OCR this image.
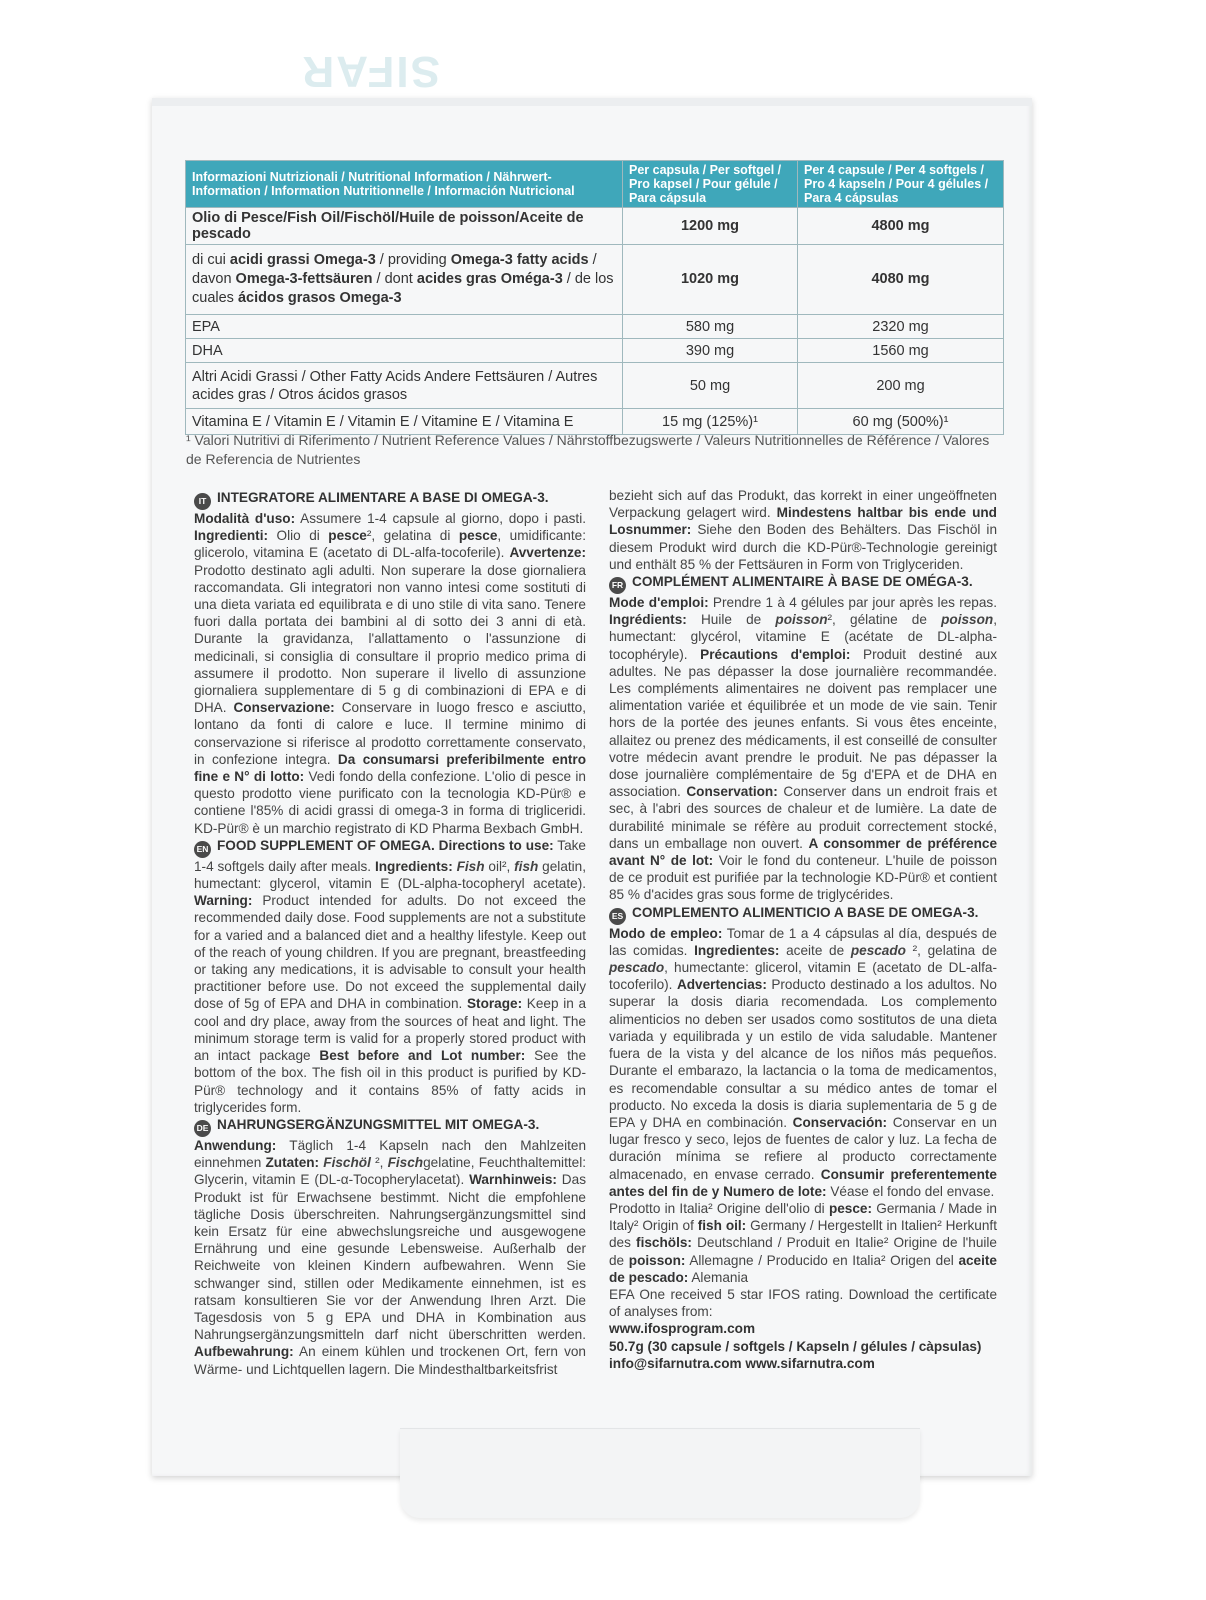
SIFAR
Informazioni Nutrizionali / Nutritional Information / Nährwert-Information / Information Nutritionnelle / Información Nutricional	Per capsula / Per softgel / Pro kapsel / Pour gélule / Para cápsula	Per 4 capsule / Per 4 softgels / Pro 4 kapseln / Pour 4 gélules / Para 4 cápsulas
Olio di Pesce/Fish Oil/Fischöl/Huile de poisson/Aceite de pescado	1200 mg	4800 mg
di cui acidi grassi Omega-3 / providing Omega-3 fatty acids / davon Omega-3-fettsäuren / dont acides gras Oméga-3 / de los cuales ácidos grasos Omega-3	1020 mg	4080 mg
EPA	580 mg	2320 mg
DHA	390 mg	1560 mg
Altri Acidi Grassi / Other Fatty Acids Andere Fettsäuren / Autres acides gras / Otros ácidos grasos	50 mg	200 mg
Vitamina E / Vitamin E / Vitamin E / Vitamine E / Vitamina E	15 mg (125%)¹	60 mg (500%)¹
¹ Valori Nutritivi di Riferimento / Nutrient Reference Values / Nährstoffbezugswerte / Valeurs Nutritionnelles de Référence / Valores de Referencia de Nutrientes

IT INTEGRATORE ALIMENTARE A BASE DI OMEGA-3.
Modalità d'uso: Assumere 1-4 capsule al giorno, dopo i pasti. Ingredienti: Olio di pesce², gelatina di pesce, umidificante: glicerolo, vitamina E (acetato di DL-alfa-tocoferile). Avvertenze: Prodotto destinato agli adulti. Non superare la dose giornaliera raccomandata. Gli integratori non vanno intesi come sostituti di una dieta variata ed equilibrata e di uno stile di vita sano. Tenere fuori dalla portata dei bambini al di sotto dei 3 anni di età. Durante la gravidanza, l'allattamento o l'assunzione di medicinali, si consiglia di consultare il proprio medico prima di assumere il prodotto. Non superare il livello di assunzione giornaliera supplementare di 5 g di combinazioni di EPA e di DHA. Conservazione: Conservare in luogo fresco e asciutto, lontano da fonti di calore e luce. Il termine minimo di conservazione si riferisce al prodotto correttamente conservato, in confezione integra. Da consumarsi preferibilmente entro fine e N° di lotto: Vedi fondo della confezione. L'olio di pesce in questo prodotto viene purificato con la tecnologia KD-Pür® e contiene l'85% di acidi grassi di omega-3 in forma di trigliceridi. KD-Pür® è un marchio registrato di KD Pharma Bexbach GmbH.

EN FOOD SUPPLEMENT OF OMEGA. Directions to use: Take 1-4 softgels daily after meals. Ingredients: Fish oil², fish gelatin, humectant: glycerol, vitamin E (DL-alpha-tocopheryl acetate). Warning: Product intended for adults. Do not exceed the recommended daily dose. Food supplements are not a substitute for a varied and a balanced diet and a healthy lifestyle. Keep out of the reach of young children. If you are pregnant, breastfeeding or taking any medications, it is advisable to consult your health practitioner before use. Do not exceed the supplemental daily dose of 5g of EPA and DHA in combination. Storage: Keep in a cool and dry place, away from the sources of heat and light. The minimum storage term is valid for a properly stored product with an intact package Best before and Lot number: See the bottom of the box. The fish oil in this product is purified by KD-Pür® technology and it contains 85% of fatty acids in triglycerides form.

DE NAHRUNGSERGÄNZUNGSMITTEL MIT OMEGA-3.
Anwendung: Täglich 1-4 Kapseln nach den Mahlzeiten einnehmen Zutaten: Fischöl ², Fischgelatine, Feuchthaltemittel: Glycerin, vitamin E (DL-α-Tocopherylacetat). Warnhinweis: Das Produkt ist für Erwachsene bestimmt. Nicht die empfohlene tägliche Dosis überschreiten. Nahrungsergänzungsmittel sind kein Ersatz für eine abwechslungsreiche und ausgewogene Ernährung und eine gesunde Lebensweise. Außerhalb der Reichweite von kleinen Kindern aufbewahren. Wenn Sie schwanger sind, stillen oder Medikamente einnehmen, ist es ratsam konsultieren Sie vor der Anwendung Ihren Arzt. Die Tagesdosis von 5 g EPA und DHA in Kombination aus Nahrungsergänzungsmitteln darf nicht überschritten werden. Aufbewahrung: An einem kühlen und trockenen Ort, fern von Wärme- und Lichtquellen lagern. Die Mindesthaltbarkeitsfrist

bezieht sich auf das Produkt, das korrekt in einer ungeöffneten Verpackung gelagert wird. Mindestens haltbar bis ende und Losnummer: Siehe den Boden des Behälters. Das Fischöl in diesem Produkt wird durch die KD-Pür®-Technologie gereinigt und enthält 85 % der Fettsäuren in Form von Triglyceriden.

FR COMPLÉMENT ALIMENTAIRE À BASE DE OMÉGA-3.
Mode d'emploi: Prendre 1 à 4 gélules par jour après les repas. Ingrédients: Huile de poisson², gélatine de poisson, humectant: glycérol, vitamine E (acétate de DL-alpha-tocophéryle). Précautions d'emploi: Produit destiné aux adultes. Ne pas dépasser la dose journalière recommandée. Les compléments alimentaires ne doivent pas remplacer une alimentation variée et équilibrée et un mode de vie sain. Tenir hors de la portée des jeunes enfants. Si vous êtes enceinte, allaitez ou prenez des médicaments, il est conseillé de consulter votre médecin avant prendre le produit. Ne pas dépasser la dose journalière complémentaire de 5g d'EPA et de DHA en association. Conservation: Conserver dans un endroit frais et sec, à l'abri des sources de chaleur et de lumière. La date de durabilité minimale se réfère au produit correctement stocké, dans un emballage non ouvert. A consommer de préférence avant N° de lot: Voir le fond du conteneur. L'huile de poisson de ce produit est purifiée par la technologie KD-Pür® et contient 85 % d'acides gras sous forme de triglycérides.

ES COMPLEMENTO ALIMENTICIO A BASE DE OMEGA-3.
Modo de empleo: Tomar de 1 a 4 cápsulas al día, después de las comidas. Ingredientes: aceite de pescado ², gelatina de pescado, humectante: glicerol, vitamin E (acetato de DL-alfa-tocoferilo). Advertencias: Producto destinado a los adultos. No superar la dosis diaria recomendada. Los complemento alimenticios no deben ser usados como sostitutos de una dieta variada y equilibrada y un estilo de vida saludable. Mantener fuera de la vista y del alcance de los niños más pequeños. Durante el embarazo, la lactancia o la toma de medicamentos, es recomendable consultar a su médico antes de tomar el producto. No exceda la dosis is diaria suplementaria de 5 g de EPA y DHA en combinación. Conservación: Conservar en un lugar fresco y seco, lejos de fuentes de calor y luz. La fecha de duración mínima se refiere al producto correctamente almacenado, en envase cerrado. Consumir preferentemente antes del fin de y Numero de lote: Véase el fondo del envase.

Prodotto in Italia² Origine dell'olio di pesce: Germania / Made in Italy² Origin of fish oil: Germany / Hergestellt in Italien² Herkunft des fischöls: Deutschland / Produit en Italie² Origine de l'huile de poisson: Allemagne / Producido en Italia² Origen del aceite de pescado: Alemania

EFA One received 5 star IFOS rating. Download the certificate of analyses from:

www.ifosprogram.com

50.7g (30 capsule / softgels / Kapseln / gélules / càpsulas)

info@sifarnutra.com www.sifarnutra.com
